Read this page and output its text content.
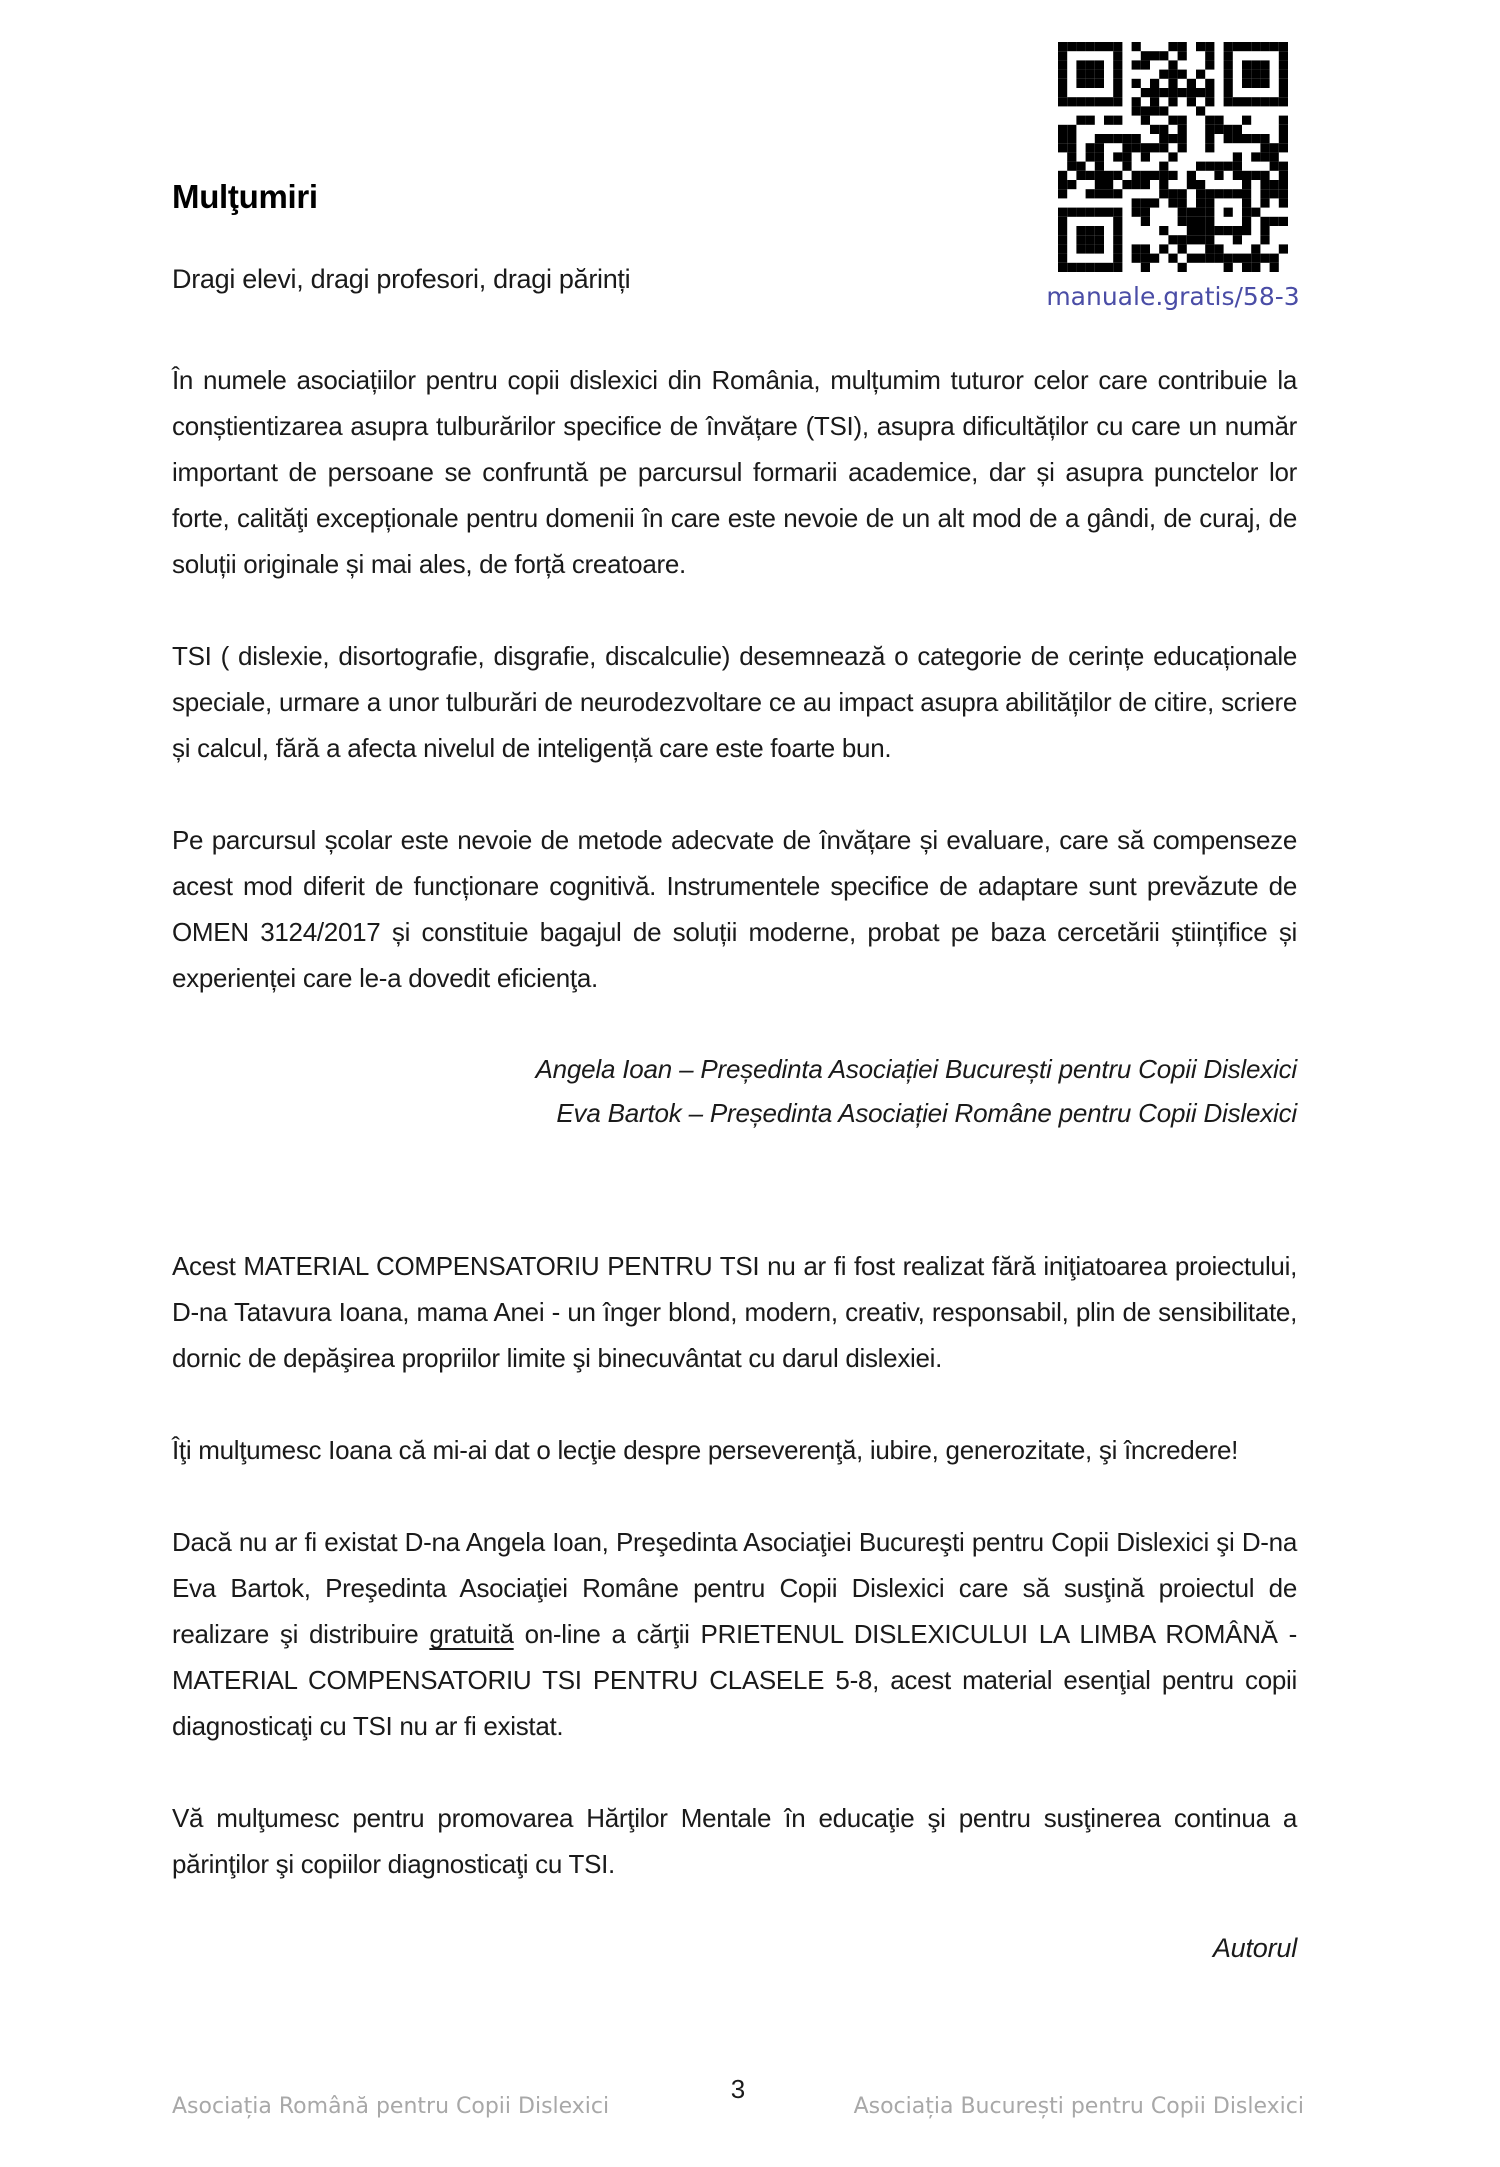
manuale.gratis/58-3
Mulţumiri

Dragi elevi, dragi profesori, dragi părinți

În numele asociațiilor pentru copii dislexici din România, mulțumim tuturor celor care contribuie la conștientizarea asupra tulburărilor specifice de învățare (TSI), asupra dificultăților cu care un număr important de persoane se confruntă pe parcursul formarii academice, dar și asupra punctelor lor forte, calităţi excepționale pentru domenii în care este nevoie de un alt mod de a gândi, de curaj, de soluții originale și mai ales, de forță creatoare.

TSI ( dislexie, disortografie, disgrafie, discalculie) desemnează o categorie de cerințe educaționale speciale, urmare a unor tulburări de neurodezvoltare ce au impact asupra abilităților de citire, scriere și calcul, fără a afecta nivelul de inteligență care este foarte bun.

Pe parcursul școlar este nevoie de metode adecvate de învățare și evaluare, care să compenseze acest mod diferit de funcționare cognitivă. Instrumentele specifice de adaptare sunt prevăzute de OMEN 3124/2017 și constituie bagajul de soluții moderne, probat pe baza cercetării științifice și experienței care le-a dovedit eficienţa.

Angela Ioan – Președinta Asociației București pentru Copii Dislexici
Eva Bartok – Președinta Asociației Române pentru Copii Dislexici

Acest MATERIAL COMPENSATORIU PENTRU TSI nu ar fi fost realizat fără iniţiatoarea proiectului, D-na Tatavura Ioana, mama Anei - un înger blond, modern, creativ, responsabil, plin de sensibilitate, dornic de depăşirea propriilor limite şi binecuvântat cu darul dislexiei.

Îţi mulţumesc Ioana că mi-ai dat o lecţie despre perseverenţă, iubire, generozitate, şi încredere!

Dacă nu ar fi existat D-na Angela Ioan, Preşedinta Asociaţiei Bucureşti pentru Copii Dislexici şi D-na Eva Bartok, Preşedinta Asociaţiei Române pentru Copii Dislexici care să susţină proiectul de realizare şi distribuire gratuită on-line a cărţii PRIETENUL DISLEXICULUI LA LIMBA ROMÂNĂ - MATERIAL COMPENSATORIU TSI PENTRU CLASELE 5-8, acest material esenţial pentru copii diagnosticaţi cu TSI nu ar fi existat.

Vă mulţumesc pentru promovarea Hărţilor Mentale în educaţie şi pentru susţinerea continua a părinţilor şi copiilor diagnosticaţi cu TSI.

Autorul

Asociația Română pentru Copii Dislexici
3
Asociația București pentru Copii Dislexici
